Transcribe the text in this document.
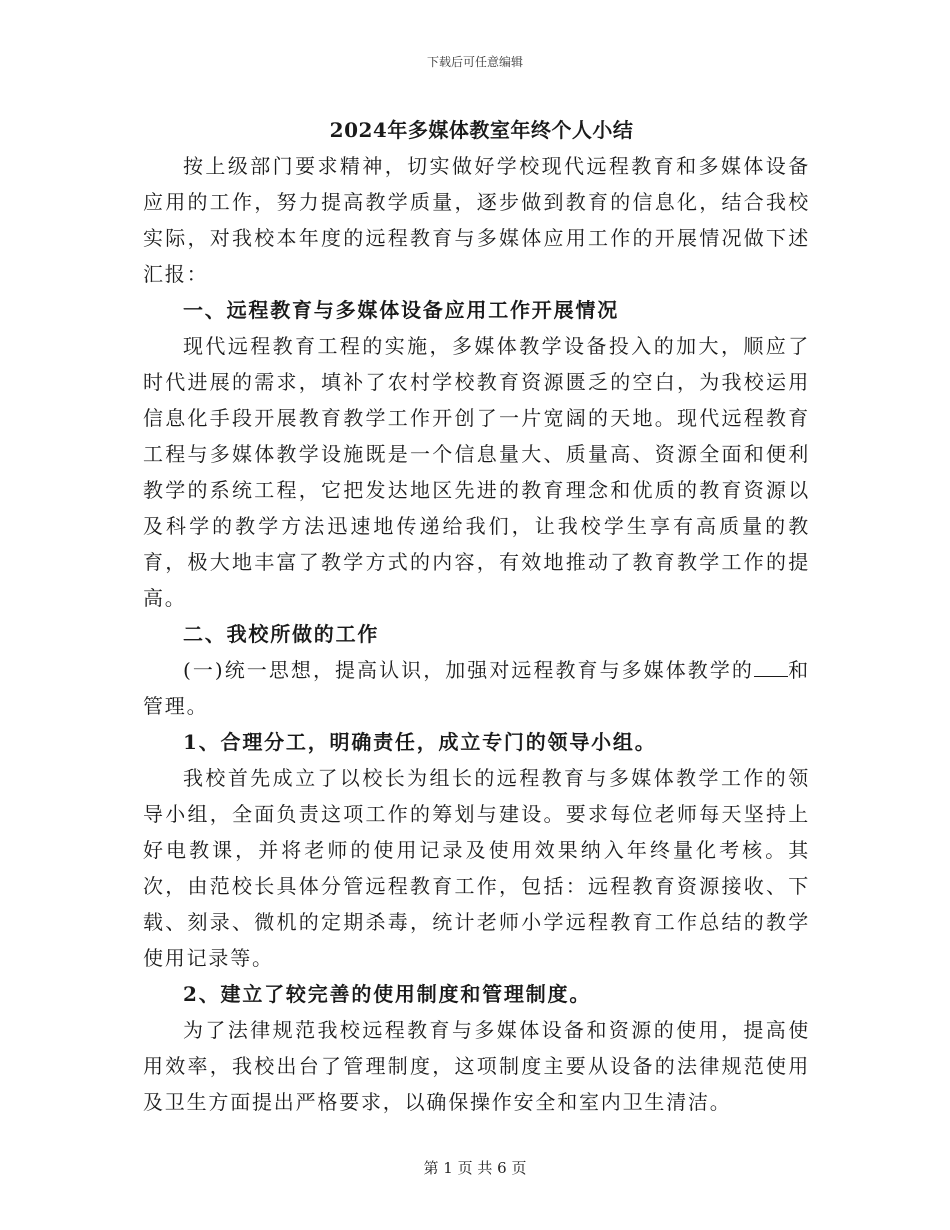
下载后可任意编辑

2024年多媒体教室年终个人小结

按上级部门要求精神，切实做好学校现代远程教育和多媒体设备应用的工作，努力提高教学质量，逐步做到教育的信息化，结合我校实际，对我校本年度的远程教育与多媒体应用工作的开展情况做下述汇报：

一、远程教育与多媒体设备应用工作开展情况

现代远程教育工程的实施，多媒体教学设备投入的加大，顺应了时代进展的需求，填补了农村学校教育资源匮乏的空白，为我校运用信息化手段开展教育教学工作开创了一片宽阔的天地。现代远程教育工程与多媒体教学设施既是一个信息量大、质量高、资源全面和便利教学的系统工程，它把发达地区先进的教育理念和优质的教育资源以及科学的教学方法迅速地传递给我们，让我校学生享有高质量的教育，极大地丰富了教学方式的内容，有效地推动了教育教学工作的提高。

二、我校所做的工作

(一)统一思想，提高认识，加强对远程教育与多媒体教学的 和管理。

1、合理分工，明确责任，成立专门的领导小组。

我校首先成立了以校长为组长的远程教育与多媒体教学工作的领导小组，全面负责这项工作的筹划与建设。要求每位老师每天坚持上好电教课，并将老师的使用记录及使用效果纳入年终量化考核。其次，由范校长具体分管远程教育工作，包括：远程教育资源接收、下载、刻录、微机的定期杀毒，统计老师小学远程教育工作总结的教学使用记录等。

2、建立了较完善的使用制度和管理制度。

为了法律规范我校远程教育与多媒体设备和资源的使用，提高使用效率，我校出台了管理制度，这项制度主要从设备的法律规范使用及卫生方面提出严格要求，以确保操作安全和室内卫生清洁。

第 1 页 共 6 页
